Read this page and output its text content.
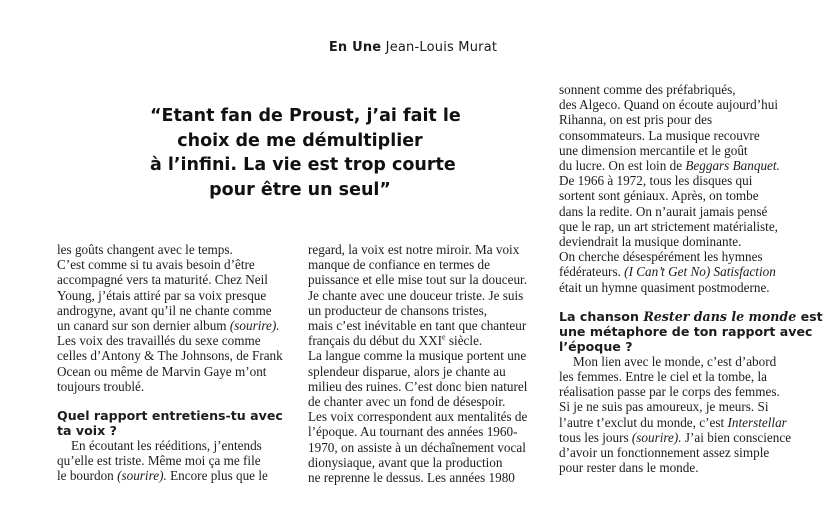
En Une Jean-Louis Murat
“Etant fan de Proust, j’ai fait le
choix de me démultiplier
à l’infini. La vie est trop courte
pour être un seul”
les goûts changent avec le temps.
C’est comme si tu avais besoin d’être
accompagné vers ta maturité. Chez Neil
Young, j’étais attiré par sa voix presque
androgyne, avant qu’il ne chante comme
un canard sur son dernier album (sourire).
Les voix des travaillés du sexe comme
celles d’Antony & The Johnsons, de Frank
Ocean ou même de Marvin Gaye m’ont
toujours troublé.
Quel rapport entretiens-tu avec
ta voix ?
En écoutant les rééditions, j’entends
qu’elle est triste. Même moi ça me file
le bourdon (sourire). Encore plus que le
regard, la voix est notre miroir. Ma voix
manque de confiance en termes de
puissance et elle mise tout sur la douceur.
Je chante avec une douceur triste. Je suis
un producteur de chansons tristes,
mais c’est inévitable en tant que chanteur
français du début du XXIe siècle.
La langue comme la musique portent une
splendeur disparue, alors je chante au
milieu des ruines. C’est donc bien naturel
de chanter avec un fond de désespoir.
Les voix correspondent aux mentalités de
l’époque. Au tournant des années 1960-
1970, on assiste à un déchaînement vocal
dionysiaque, avant que la production
ne reprenne le dessus. Les années 1980
sonnent comme des préfabriqués,
des Algeco. Quand on écoute aujourd’hui
Rihanna, on est pris pour des
consommateurs. La musique recouvre
une dimension mercantile et le goût
du lucre. On est loin de Beggars Banquet.
De 1966 à 1972, tous les disques qui
sortent sont géniaux. Après, on tombe
dans la redite. On n’aurait jamais pensé
que le rap, un art strictement matérialiste,
deviendrait la musique dominante.
On cherche désespérément les hymnes
fédérateurs. (I Can’t Get No) Satisfaction
était un hymne quasiment postmoderne.
La chanson Rester dans le monde est
une métaphore de ton rapport avec
l’époque ?
Mon lien avec le monde, c’est d’abord
les femmes. Entre le ciel et la tombe, la
réalisation passe par le corps des femmes.
Si je ne suis pas amoureux, je meurs. Si
l’autre t’exclut du monde, c’est Interstellar
tous les jours (sourire). J’ai bien conscience
d’avoir un fonctionnement assez simple
pour rester dans le monde.
